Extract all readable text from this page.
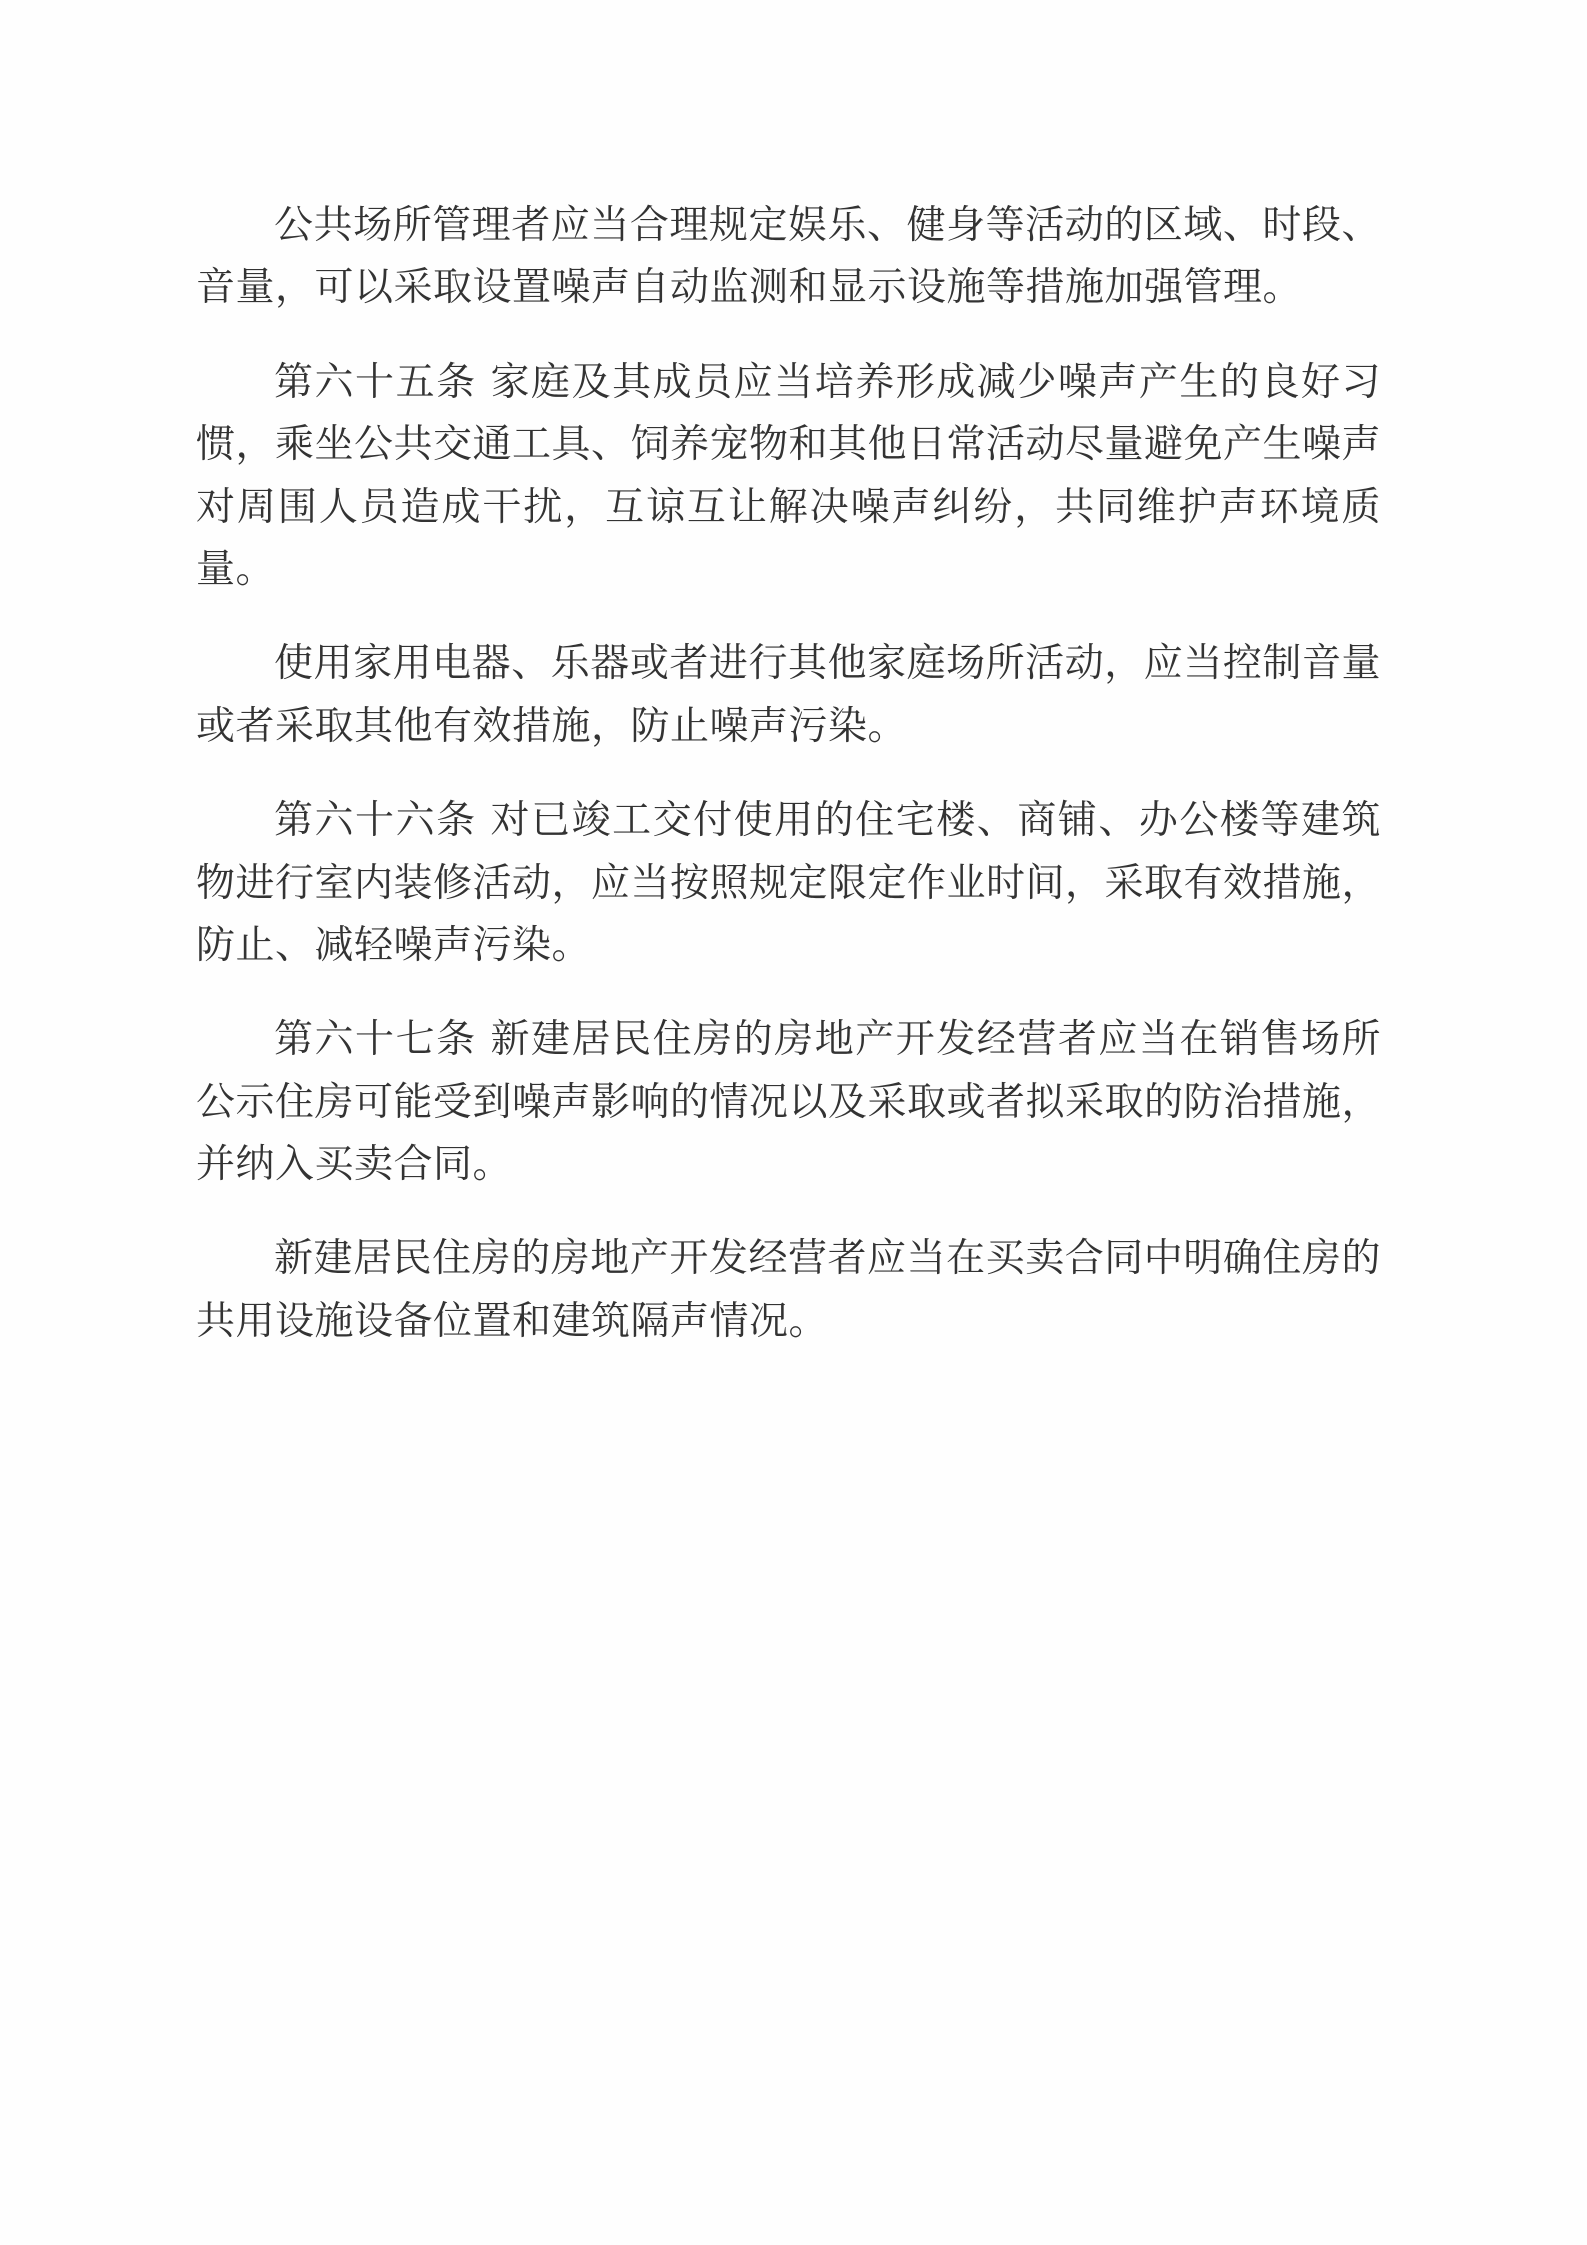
公共场所管理者应当合理规定娱乐、健身等活动的区域、时段、音量，可以采取设置噪声自动监测和显示设施等措施加强管理。

第六十五条 家庭及其成员应当培养形成减少噪声产生的良好习惯，乘坐公共交通工具、饲养宠物和其他日常活动尽量避免产生噪声对周围人员造成干扰，互谅互让解决噪声纠纷，共同维护声环境质量。

使用家用电器、乐器或者进行其他家庭场所活动，应当控制音量或者采取其他有效措施，防止噪声污染。

第六十六条 对已竣工交付使用的住宅楼、商铺、办公楼等建筑物进行室内装修活动，应当按照规定限定作业时间，采取有效措施，防止、减轻噪声污染。

第六十七条 新建居民住房的房地产开发经营者应当在销售场所公示住房可能受到噪声影响的情况以及采取或者拟采取的防治措施，并纳入买卖合同。

新建居民住房的房地产开发经营者应当在买卖合同中明确住房的共用设施设备位置和建筑隔声情况。
